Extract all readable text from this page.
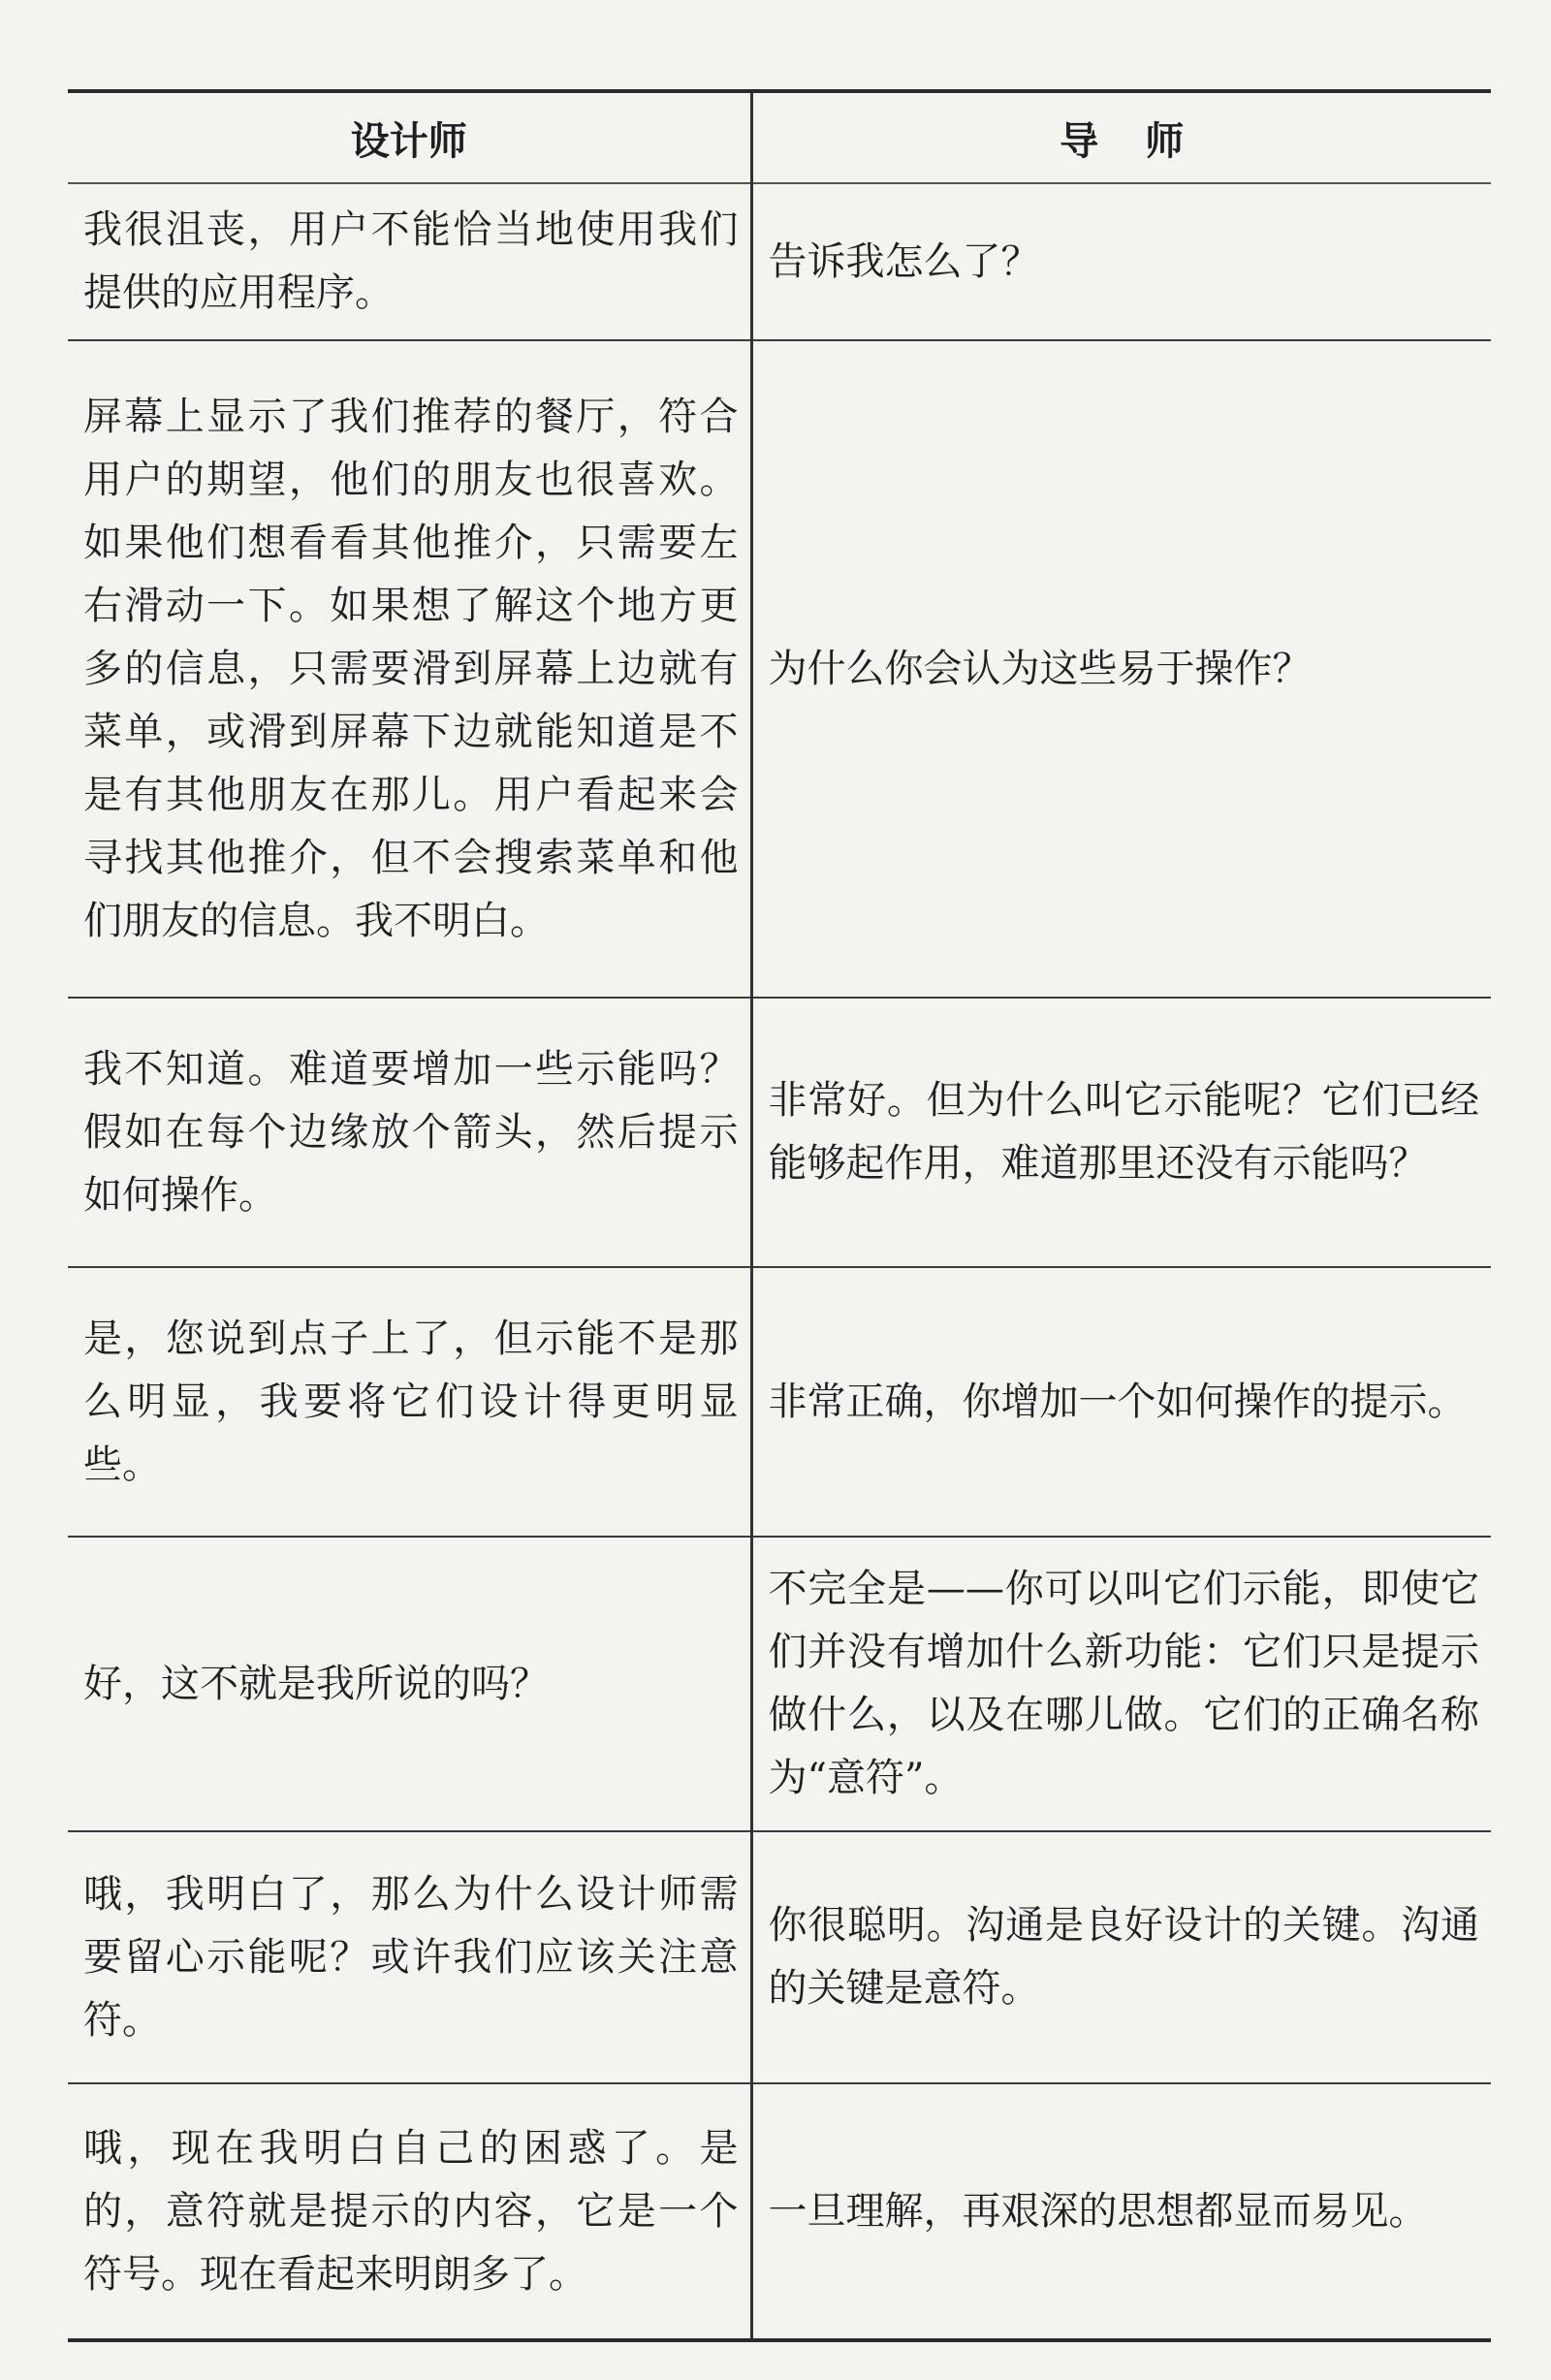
设计师	导师

我很沮丧，用户不能恰当地使用我们提供的应用程序。	告诉我怎么了？

屏幕上显示了我们推荐的餐厅，符合用户的期望，他们的朋友也很喜欢。如果他们想看看其他推介，只需要左右滑动一下。如果想了解这个地方更多的信息，只需要滑到屏幕上边就有菜单，或滑到屏幕下边就能知道是不是有其他朋友在那儿。用户看起来会寻找其他推介，但不会搜索菜单和他们朋友的信息。我不明白。	为什么你会认为这些易于操作？

我不知道。难道要增加一些示能吗？假如在每个边缘放个箭头，然后提示如何操作。	非常好。但为什么叫它示能呢？它们已经能够起作用，难道那里还没有示能吗？

是，您说到点子上了，但示能不是那么明显，我要将它们设计得更明显些。	非常正确，你增加一个如何操作的提示。

好，这不就是我所说的吗？	不完全是——你可以叫它们示能，即使它们并没有增加什么新功能：它们只是提示做什么，以及在哪儿做。它们的正确名称为“意符”。

哦，我明白了，那么为什么设计师需要留心示能呢？或许我们应该关注意符。	你很聪明。沟通是良好设计的关键。沟通的关键是意符。

哦，现在我明白自己的困惑了。是的，意符就是提示的内容，它是一个符号。现在看起来明朗多了。	一旦理解，再艰深的思想都显而易见。
